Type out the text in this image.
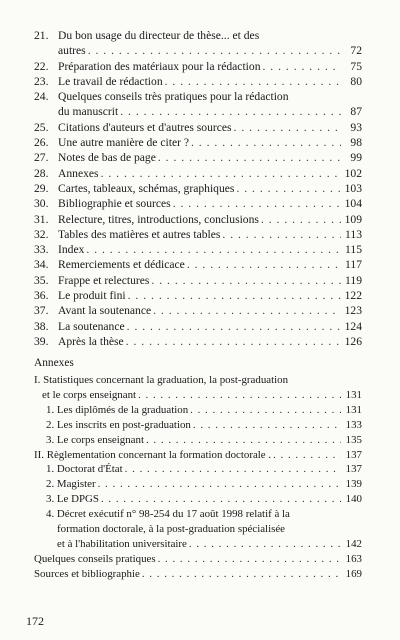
21. Du bon usage du directeur de thèse... et des
autres . . .	72
22. Préparation des matériaux pour la rédaction . . .	75
23. Le travail de rédaction . . .	80
24. Quelques conseils très pratiques pour la rédaction
du manuscrit . . .	87
25. Citations d'auteurs et d'autres sources . . .	93
26. Une autre manière de citer ? . . .	98
27. Notes de bas de page . . .	99
28. Annexes . . .	102
29. Cartes, tableaux, schémas, graphiques . . .	103
30. Bibliographie et sources . . .	104
31. Relecture, titres, introductions, conclusions . . .	109
32. Tables des matières et autres tables . . .	113
33. Index . . .	115
34. Remerciements et dédicace . . .	117
35. Frappe et relectures . . .	119
36. Le produit fini . . .	122
37. Avant la soutenance . . .	123
38. La soutenance . . .	124
39. Après la thèse . . .	126
Annexes
I. Statistiques concernant la graduation, la post-graduation
et le corps enseignant . . .	131
1. Les diplômés de la graduation . . .	131
2. Les inscrits en post-graduation . . .	133
3. Le corps enseignant . . .	135
II. Règlementation concernant la formation doctorale . . . .	137
1. Doctorat d'État . . .	137
2. Magister . . .	139
3. Le DPGS . . .	140
4. Décret exécutif n° 98-254 du 17 août 1998 relatif à la
formation doctorale, à la post-graduation spécialisée
et à l'habilitation universitaire . . .	142
Quelques conseils pratiques . . .	163
Sources et bibliographie . . .	169
172
